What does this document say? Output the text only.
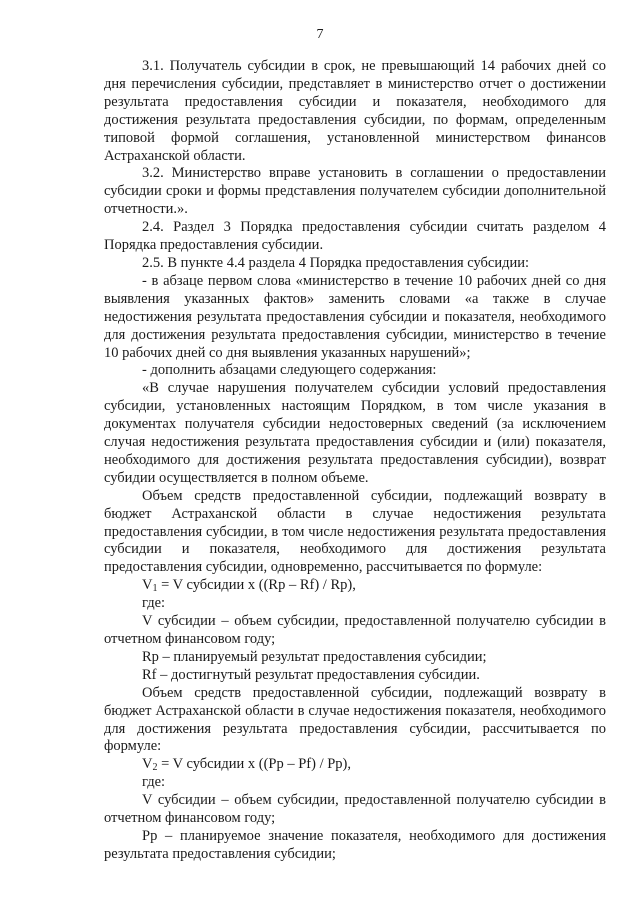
7

3.1. Получатель субсидии в срок, не превышающий 14 рабочих дней со дня перечисления субсидии, представляет в министерство отчет о достижении результата предоставления субсидии и показателя, необходимого для достижения результата предоставления субсидии, по формам, определенным типовой формой соглашения, установленной министерством финансов Астраханской области.

3.2. Министерство вправе установить в соглашении о предоставлении субсидии сроки и формы представления получателем субсидии дополнительной отчетности.».

2.4. Раздел 3 Порядка предоставления субсидии считать разделом 4 Порядка предоставления субсидии.

2.5. В пункте 4.4 раздела 4 Порядка предоставления субсидии:

- в абзаце первом слова «министерство в течение 10 рабочих дней со дня выявления указанных фактов» заменить словами «а также в случае недостижения результата предоставления субсидии и показателя, необходимого для достижения результата предоставления субсидии, министерство в течение 10 рабочих дней со дня выявления указанных нарушений»;

- дополнить абзацами следующего содержания:

«В случае нарушения получателем субсидии условий предоставления субсидии, установленных настоящим Порядком, в том числе указания в документах получателя субсидии недостоверных сведений (за исключением случая недостижения результата предоставления субсидии и (или) показателя, необходимого для достижения результата предоставления субсидии), возврат субидии осуществляется в полном объеме.

Объем средств предоставленной субсидии, подлежащий возврату в бюджет Астраханской области в случае недостижения результата предоставления субсидии, в том числе недостижения результата предоставления субсидии и показателя, необходимого для достижения результата предоставления субсидии, одновременно, рассчитывается по формуле:

$V_1 = V$ субсидии x ((Rp – Rf) / Rp),

где:

V субсидии – объем субсидии, предоставленной получателю субсидии в отчетном финансовом году;

Rp – планируемый результат предоставления субсидии;

Rf – достигнутый результат предоставления субсидии.

Объем средств предоставленной субсидии, подлежащий возврату в бюджет Астраханской области в случае недостижения показателя, необходимого для достижения результата предоставления субсидии, рассчитывается по формуле:

$V_2 = V$ субсидии x ((Pp – Pf) / Pp),

где:

V субсидии – объем субсидии, предоставленной получателю субсидии в отчетном финансовом году;

Pp – планируемое значение показателя, необходимого для достижения результата предоставления субсидии;
